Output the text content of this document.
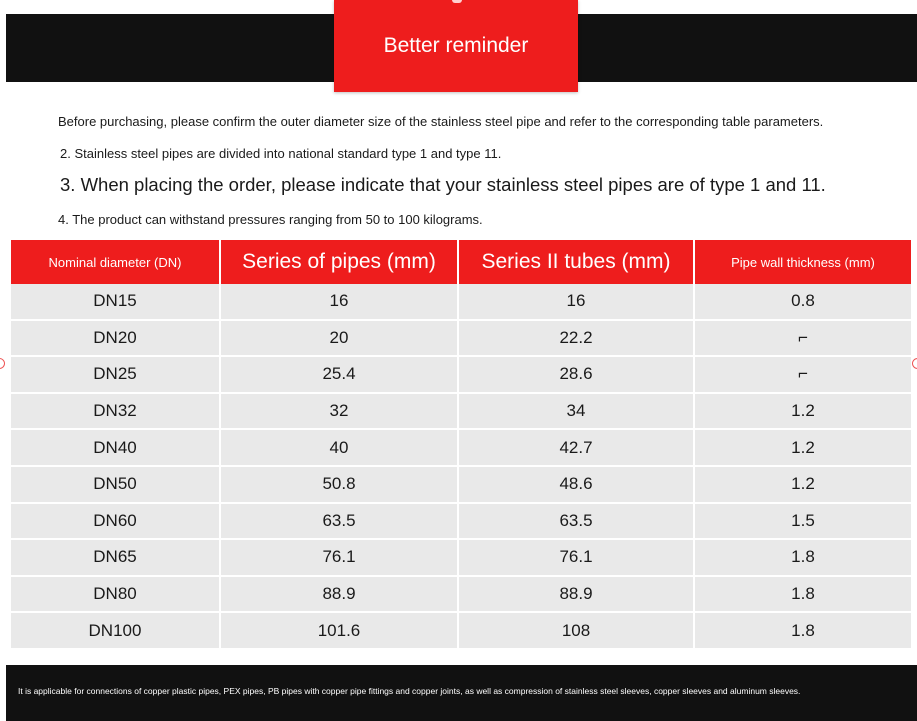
Better reminder
Before purchasing, please confirm the outer diameter size of the stainless steel pipe and refer to the corresponding table parameters.
2. Stainless steel pipes are divided into national standard type 1 and type 11.
3. When placing the order, please indicate that your stainless steel pipes are of type 1 and 11.
4. The product can withstand pressures ranging from 50 to 100 kilograms.
Nominal diameter (DN)	Series of pipes (mm)	Series II tubes (mm)	Pipe wall thickness (mm)
DN15	16	16	0.8
DN20	20	22.2	⌐
DN25	25.4	28.6	⌐
DN32	32	34	1.2
DN40	40	42.7	1.2
DN50	50.8	48.6	1.2
DN60	63.5	63.5	1.5
DN65	76.1	76.1	1.8
DN80	88.9	88.9	1.8
DN100	101.6	108	1.8
It is applicable for connections of copper plastic pipes, PEX pipes, PB pipes with copper pipe fittings and copper joints, as well as compression of stainless steel sleeves, copper sleeves and aluminum sleeves.
